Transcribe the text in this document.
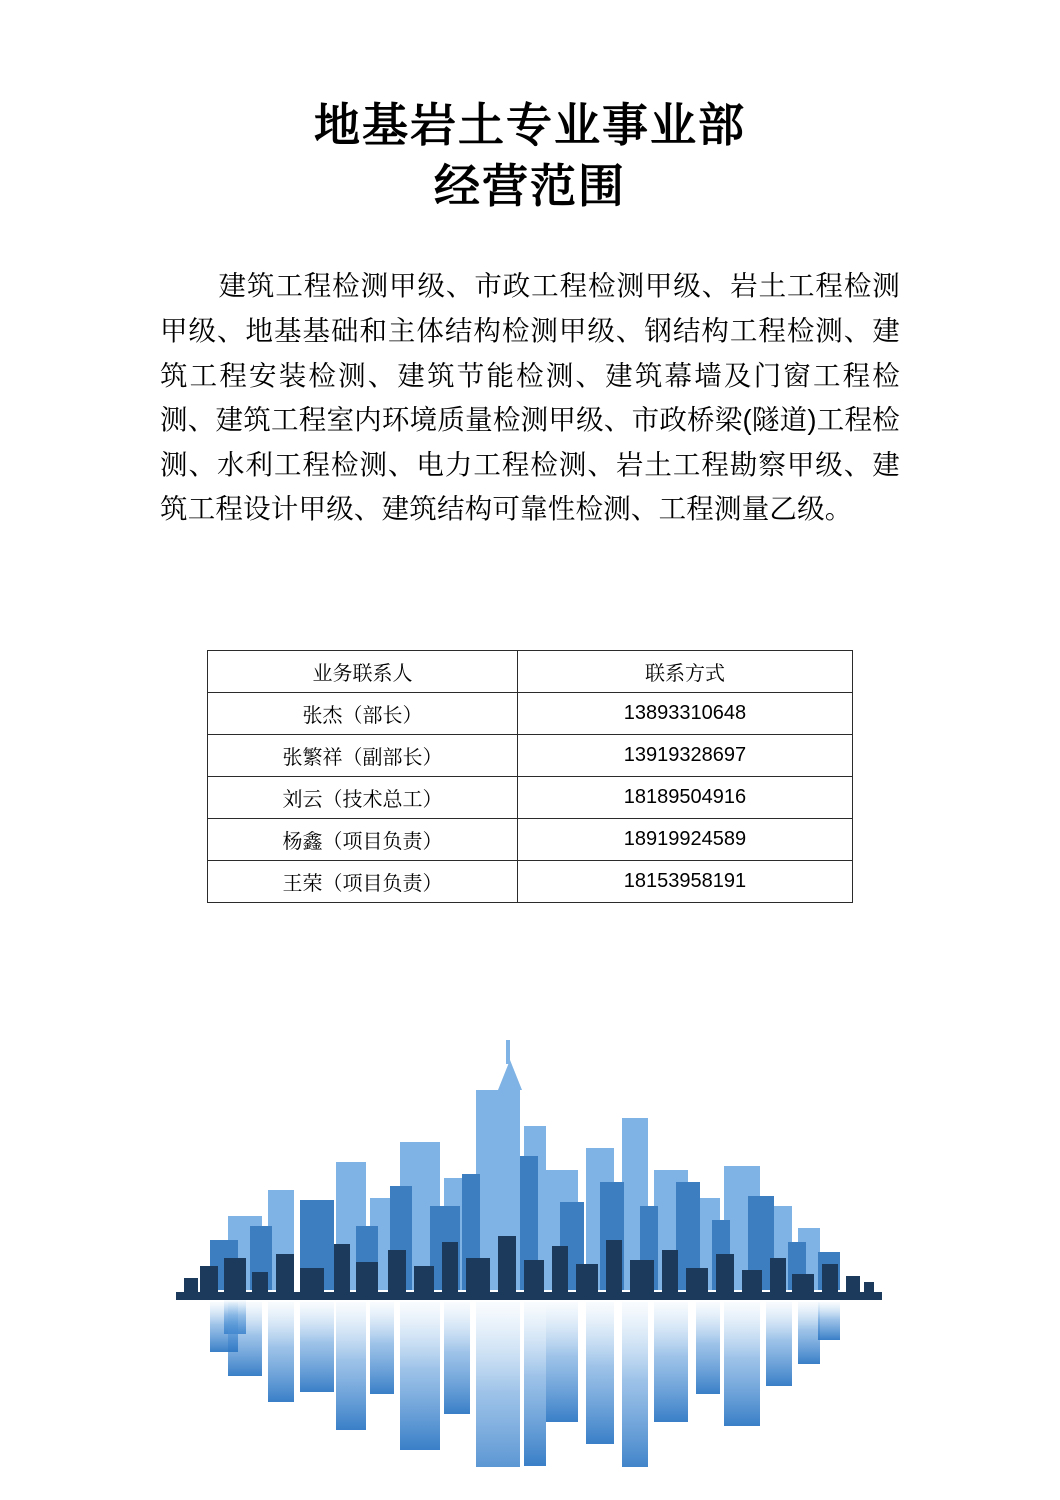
地基岩土专业事业部
经营范围
建筑工程检测甲级、市政工程检测甲级、岩土工程检测甲级、地基基础和主体结构检测甲级、钢结构工程检测、建筑工程安装检测、建筑节能检测、建筑幕墙及门窗工程检测、建筑工程室内环境质量检测甲级、市政桥梁(隧道)工程检测、水利工程检测、电力工程检测、岩土工程勘察甲级、建筑工程设计甲级、建筑结构可靠性检测、工程测量乙级。
业务联系人	联系方式
张杰（部长）	13893310648
张繁祥（副部长）	13919328697
刘云（技术总工）	18189504916
杨鑫（项目负责）	18919924589
王荣（项目负责）	18153958191
